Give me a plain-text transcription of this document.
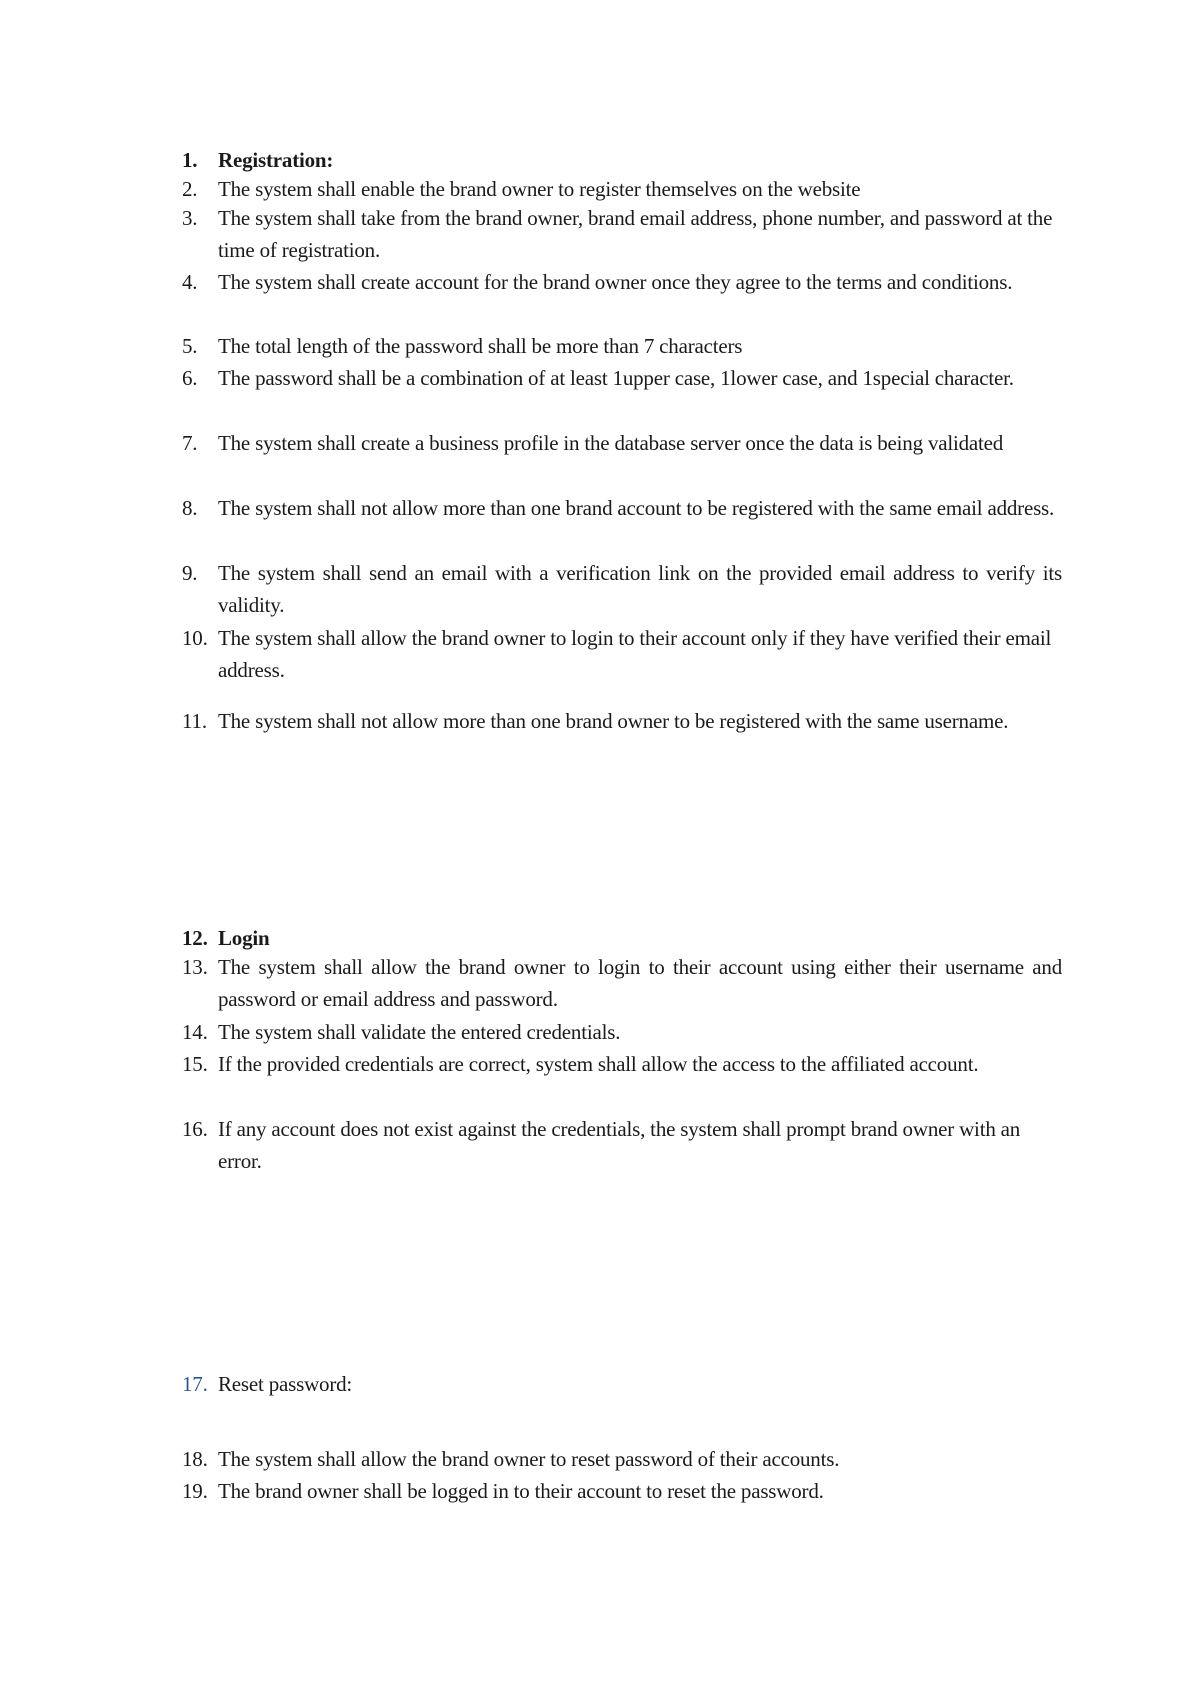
1. Registration:
2. The system shall enable the brand owner to register themselves on the website
3. The system shall take from the brand owner, brand email address, phone number, and password at the time of registration.
4. The system shall create account for the brand owner once they agree to the terms and conditions.
5. The total length of the password shall be more than 7 characters
6. The password shall be a combination of at least 1upper case, 1lower case, and 1special character.
7. The system shall create a business profile in the database server once the data is being validated
8. The system shall not allow more than one brand account to be registered with the same email address.
9. The system shall send an email with a verification link on the provided email address to verify its validity.
10. The system shall allow the brand owner to login to their account only if they have verified their email address.
11. The system shall not allow more than one brand owner to be registered with the same username.
12. Login
13. The system shall allow the brand owner to login to their account using either their username and password or email address and password.
14. The system shall validate the entered credentials.
15. If the provided credentials are correct, system shall allow the access to the affiliated account.
16. If any account does not exist against the credentials, the system shall prompt brand owner with an error.
17. Reset password:
18. The system shall allow the brand owner to reset password of their accounts.
19. The brand owner shall be logged in to their account to reset the password.
